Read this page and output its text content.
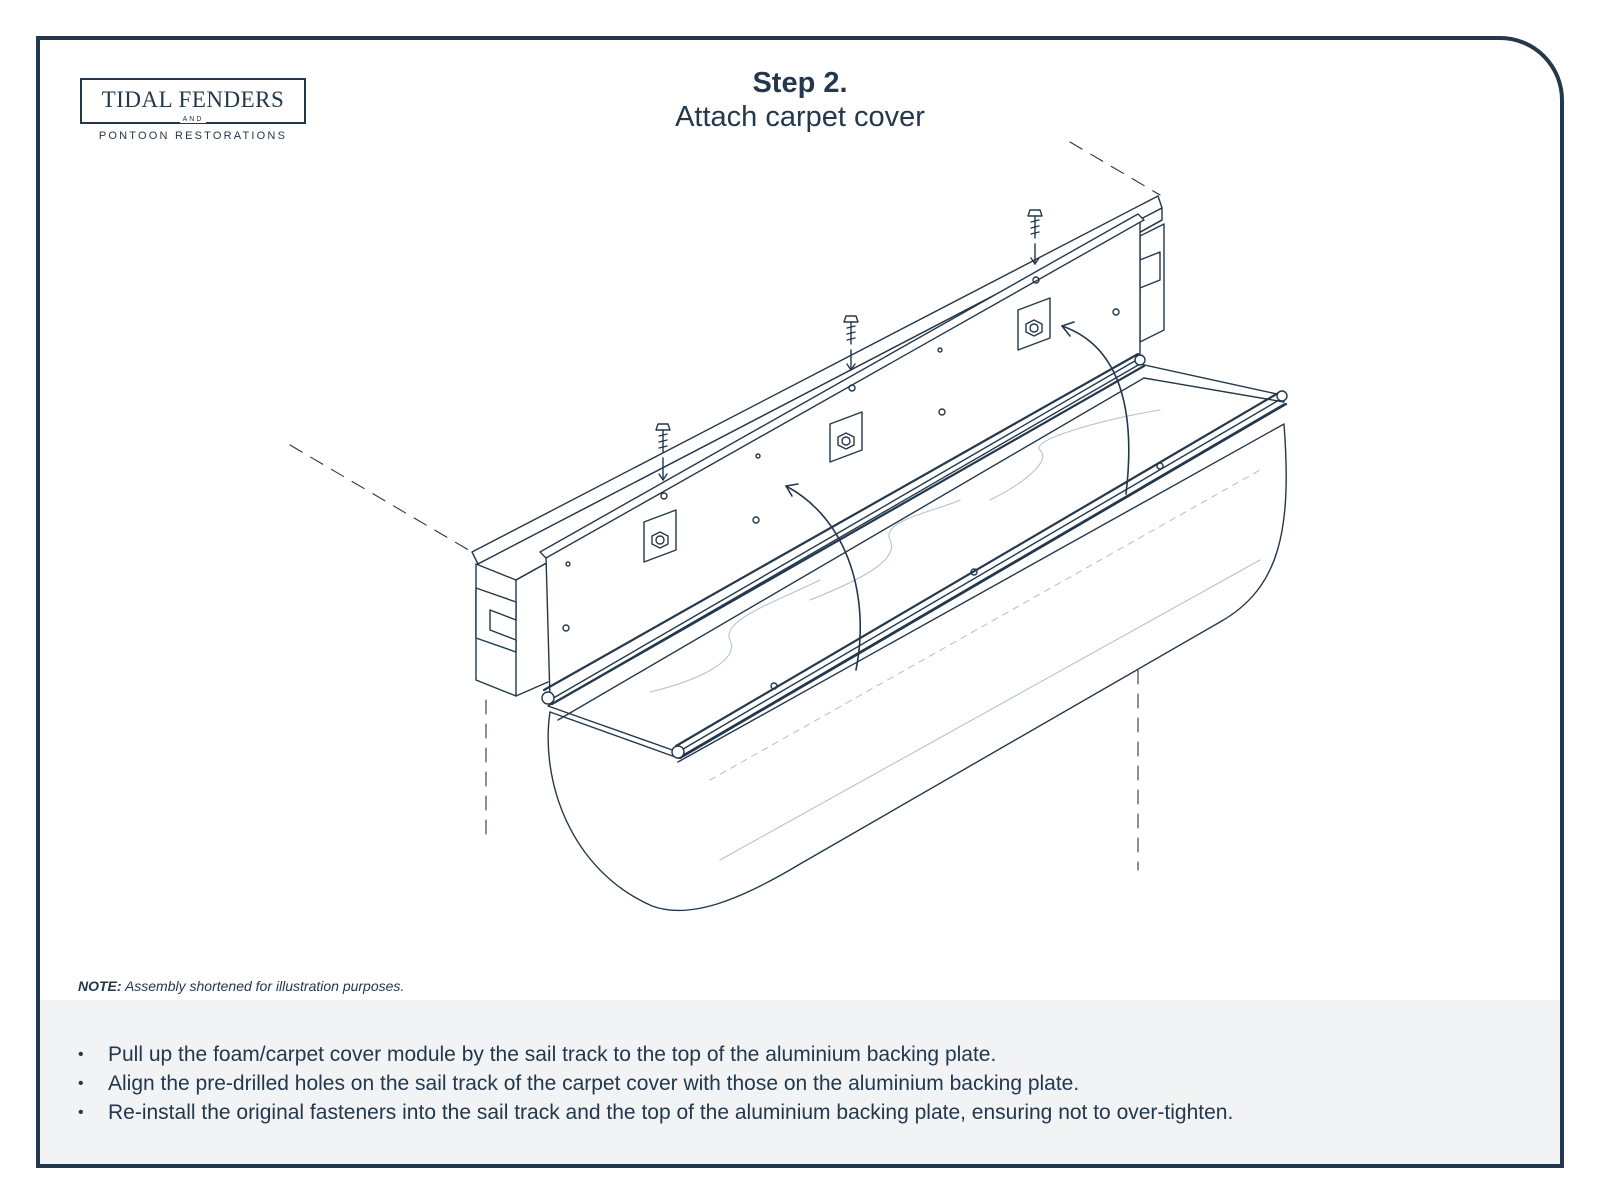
TIDAL FENDERS
AND
PONTOON RESTORATIONS
Step 2.
Attach carpet cover
NOTE: Assembly shortened for illustration purposes.
• Pull up the foam/carpet cover module by the sail track to the top of the aluminium backing plate.
• Align the pre-drilled holes on the sail track of the carpet cover with those on the aluminium backing plate.
• Re-install the original fasteners into the sail track and the top of the aluminium backing plate, ensuring not to over-tighten.
